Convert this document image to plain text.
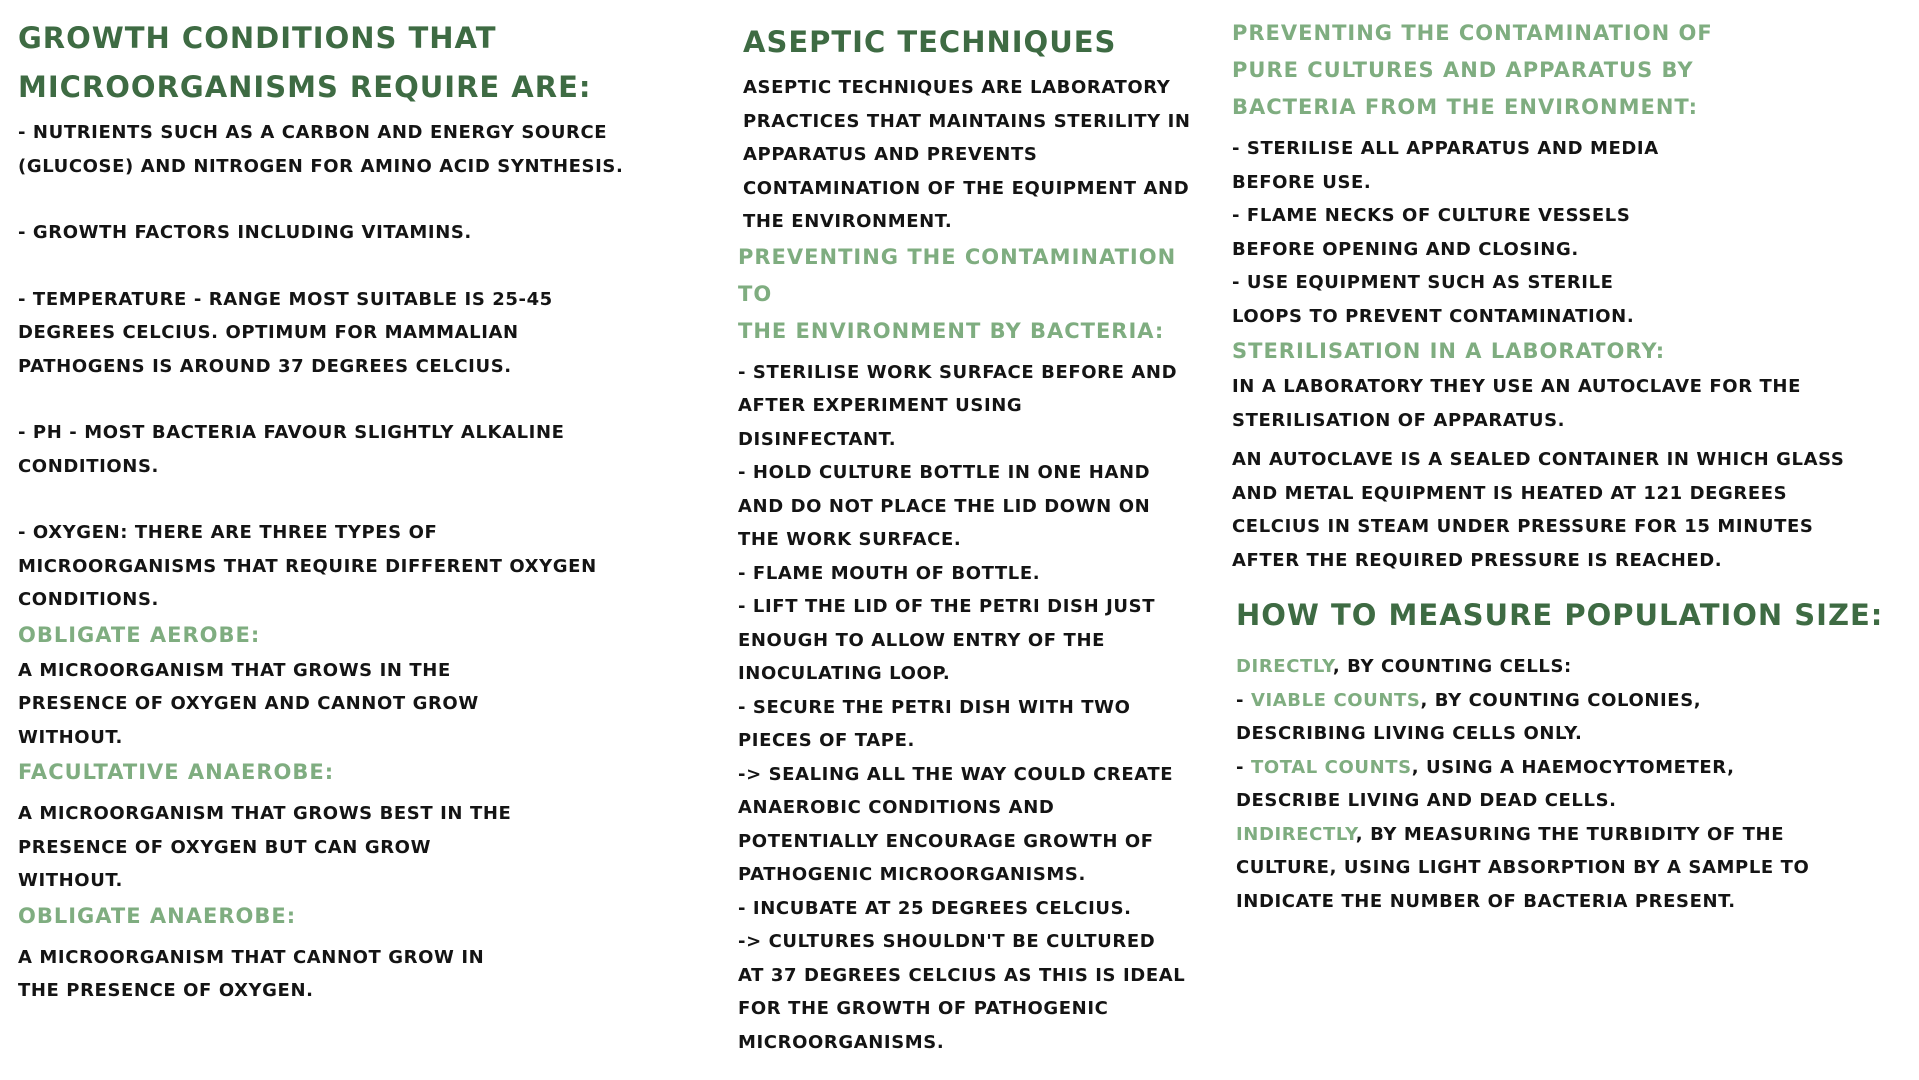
GROWTH CONDITIONS THAT

MICROORGANISMS REQUIRE ARE:

- NUTRIENTS SUCH AS A CARBON AND ENERGY SOURCE

(GLUCOSE) AND NITROGEN FOR AMINO ACID SYNTHESIS.

- GROWTH FACTORS INCLUDING VITAMINS.

- TEMPERATURE - RANGE MOST SUITABLE IS 25-45

DEGREES CELCIUS. OPTIMUM FOR MAMMALIAN

PATHOGENS IS AROUND 37 DEGREES CELCIUS.

- PH - MOST BACTERIA FAVOUR SLIGHTLY ALKALINE

CONDITIONS.

- OXYGEN: THERE ARE THREE TYPES OF

MICROORGANISMS THAT REQUIRE DIFFERENT OXYGEN

CONDITIONS.

OBLIGATE AEROBE:

A MICROORGANISM THAT GROWS IN THE

PRESENCE OF OXYGEN AND CANNOT GROW

WITHOUT.

FACULTATIVE ANAEROBE:

A MICROORGANISM THAT GROWS BEST IN THE

PRESENCE OF OXYGEN BUT CAN GROW

WITHOUT.

OBLIGATE ANAEROBE:

A MICROORGANISM THAT CANNOT GROW IN

THE PRESENCE OF OXYGEN.

ASEPTIC TECHNIQUES

ASEPTIC TECHNIQUES ARE LABORATORY

PRACTICES THAT MAINTAINS STERILITY IN

APPARATUS AND PREVENTS

CONTAMINATION OF THE EQUIPMENT AND

THE ENVIRONMENT.

PREVENTING THE CONTAMINATION TO

THE ENVIRONMENT BY BACTERIA:

- STERILISE WORK SURFACE BEFORE AND

AFTER EXPERIMENT USING

DISINFECTANT.

- HOLD CULTURE BOTTLE IN ONE HAND

AND DO NOT PLACE THE LID DOWN ON

THE WORK SURFACE.

- FLAME MOUTH OF BOTTLE.

- LIFT THE LID OF THE PETRI DISH JUST

ENOUGH TO ALLOW ENTRY OF THE

INOCULATING LOOP.

- SECURE THE PETRI DISH WITH TWO

PIECES OF TAPE.

-> SEALING ALL THE WAY COULD CREATE

ANAEROBIC CONDITIONS AND

POTENTIALLY ENCOURAGE GROWTH OF

PATHOGENIC MICROORGANISMS.

- INCUBATE AT 25 DEGREES CELCIUS.

-> CULTURES SHOULDN'T BE CULTURED

AT 37 DEGREES CELCIUS AS THIS IS IDEAL

FOR THE GROWTH OF PATHOGENIC

MICROORGANISMS.

PREVENTING THE CONTAMINATION OF

PURE CULTURES AND APPARATUS BY

BACTERIA FROM THE ENVIRONMENT:

- STERILISE ALL APPARATUS AND MEDIA

BEFORE USE.

- FLAME NECKS OF CULTURE VESSELS

BEFORE OPENING AND CLOSING.

- USE EQUIPMENT SUCH AS STERILE

LOOPS TO PREVENT CONTAMINATION.

STERILISATION IN A LABORATORY:

IN A LABORATORY THEY USE AN AUTOCLAVE FOR THE

STERILISATION OF APPARATUS.

AN AUTOCLAVE IS A SEALED CONTAINER IN WHICH GLASS

AND METAL EQUIPMENT IS HEATED AT 121 DEGREES

CELCIUS IN STEAM UNDER PRESSURE FOR 15 MINUTES

AFTER THE REQUIRED PRESSURE IS REACHED.

HOW TO MEASURE POPULATION SIZE:

DIRECTLY, BY COUNTING CELLS:

- VIABLE COUNTS, BY COUNTING COLONIES,

DESCRIBING LIVING CELLS ONLY.

- TOTAL COUNTS, USING A HAEMOCYTOMETER,

DESCRIBE LIVING AND DEAD CELLS.

INDIRECTLY, BY MEASURING THE TURBIDITY OF THE

CULTURE, USING LIGHT ABSORPTION BY A SAMPLE TO

INDICATE THE NUMBER OF BACTERIA PRESENT.
